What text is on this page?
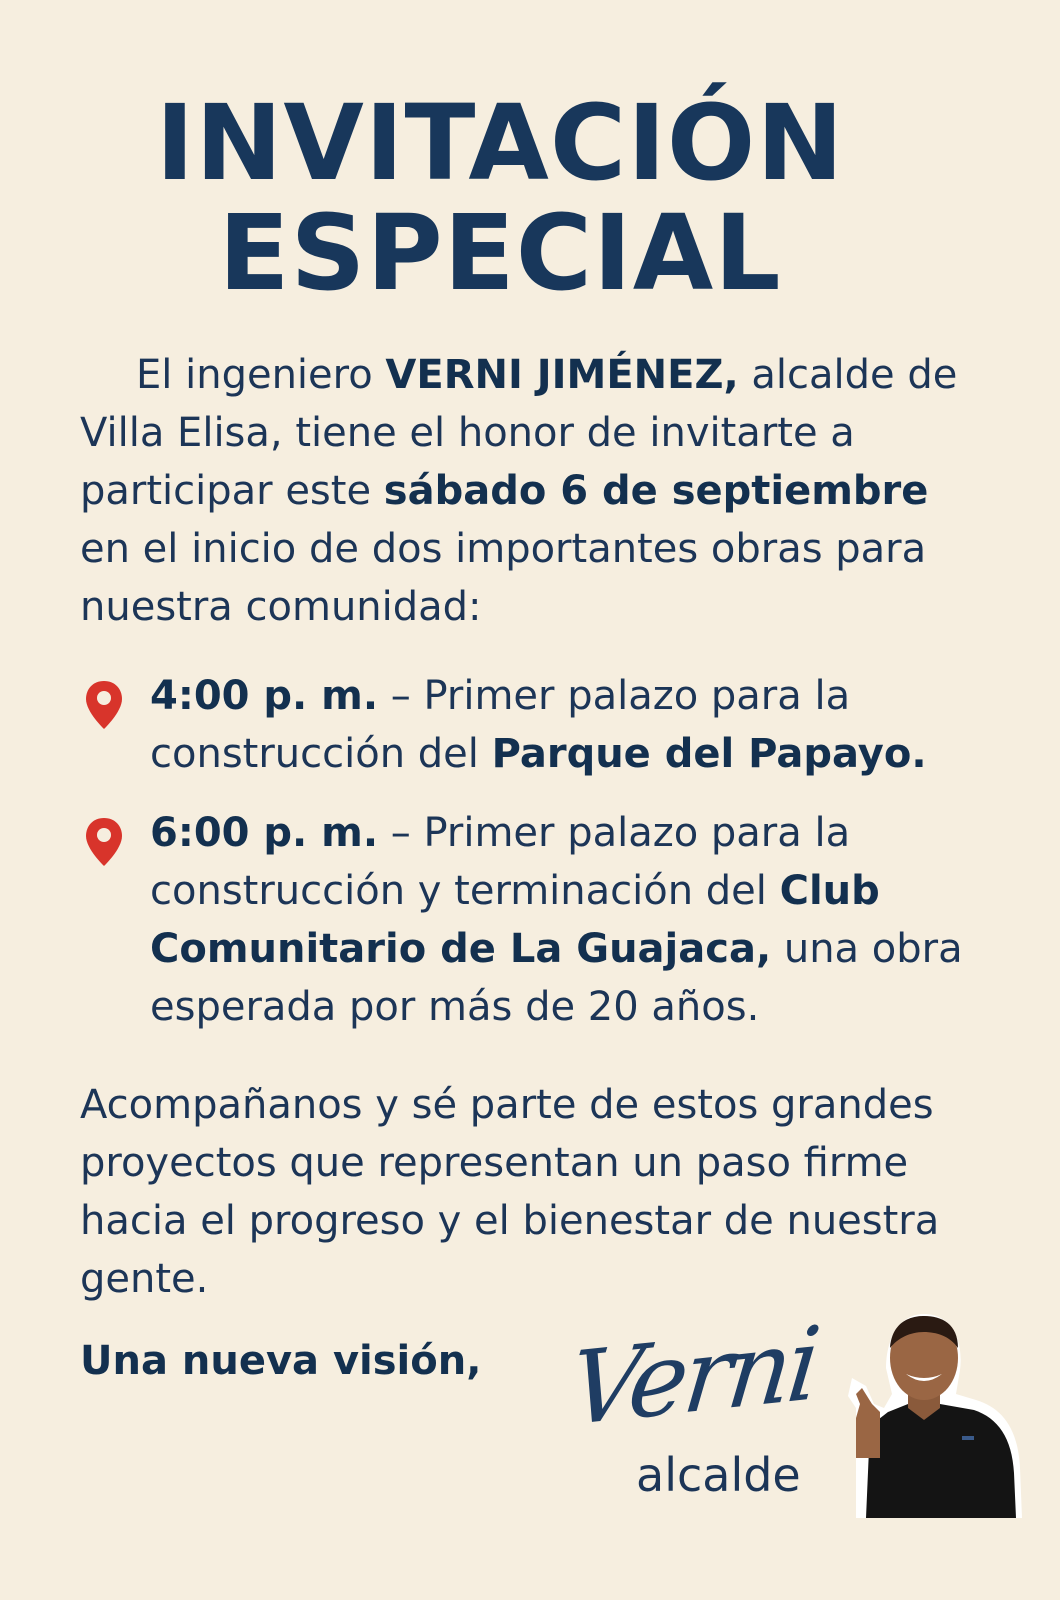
INVITACIÓN
ESPECIAL

El ingeniero VERNI JIMÉNEZ, alcalde de Villa Elisa, tiene el honor de invitarte a participar este sábado 6 de septiembre en el inicio de dos importantes obras para nuestra comunidad:

4:00 p. m. – Primer palazo para la construcción del Parque del Papayo.
6:00 p. m. – Primer palazo para la construcción y terminación del Club Comunitario de La Guajaca, una obra esperada por más de 20 años.

Acompañanos y sé parte de estos grandes proyectos que representan un paso firme hacia el progreso y el bienestar de nuestra gente.

Una nueva visión, Verni
alcalde
